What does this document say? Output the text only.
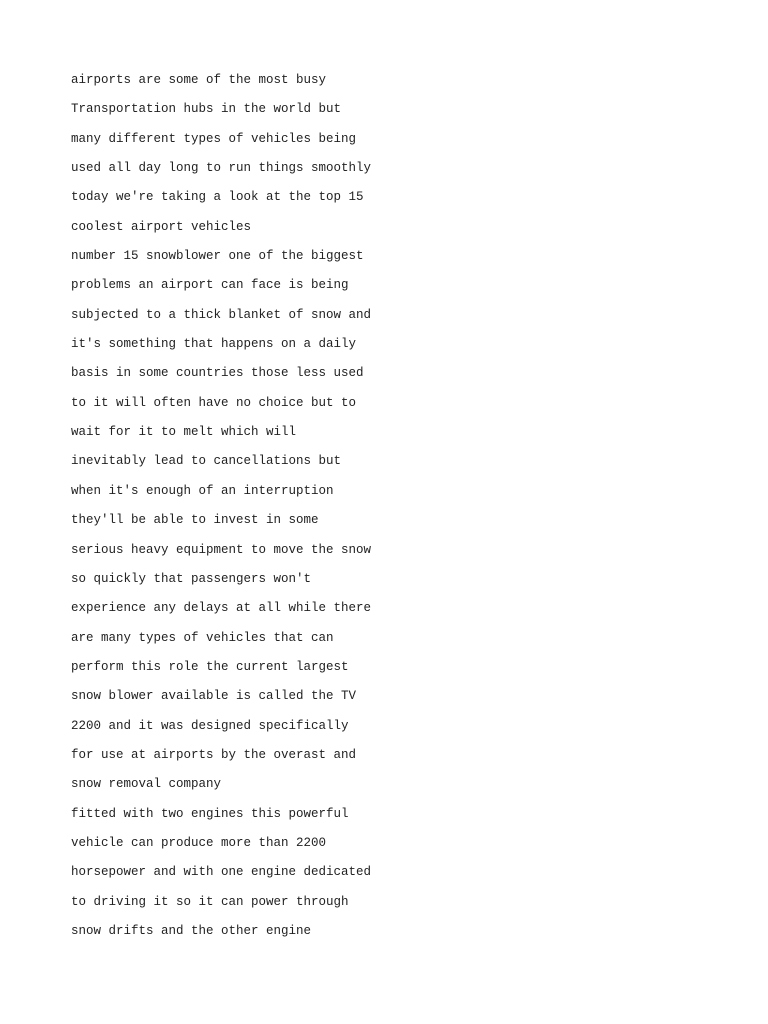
airports are some of the most busy
Transportation hubs in the world but
many different types of vehicles being
used all day long to run things smoothly
today we're taking a look at the top 15
coolest airport vehicles
number 15 snowblower one of the biggest
problems an airport can face is being
subjected to a thick blanket of snow and
it's something that happens on a daily
basis in some countries those less used
to it will often have no choice but to
wait for it to melt which will
inevitably lead to cancellations but
when it's enough of an interruption
they'll be able to invest in some
serious heavy equipment to move the snow
so quickly that passengers won't
experience any delays at all while there
are many types of vehicles that can
perform this role the current largest
snow blower available is called the TV
2200 and it was designed specifically
for use at airports by the overast and
snow removal company
fitted with two engines this powerful
vehicle can produce more than 2200
horsepower and with one engine dedicated
to driving it so it can power through
snow drifts and the other engine
